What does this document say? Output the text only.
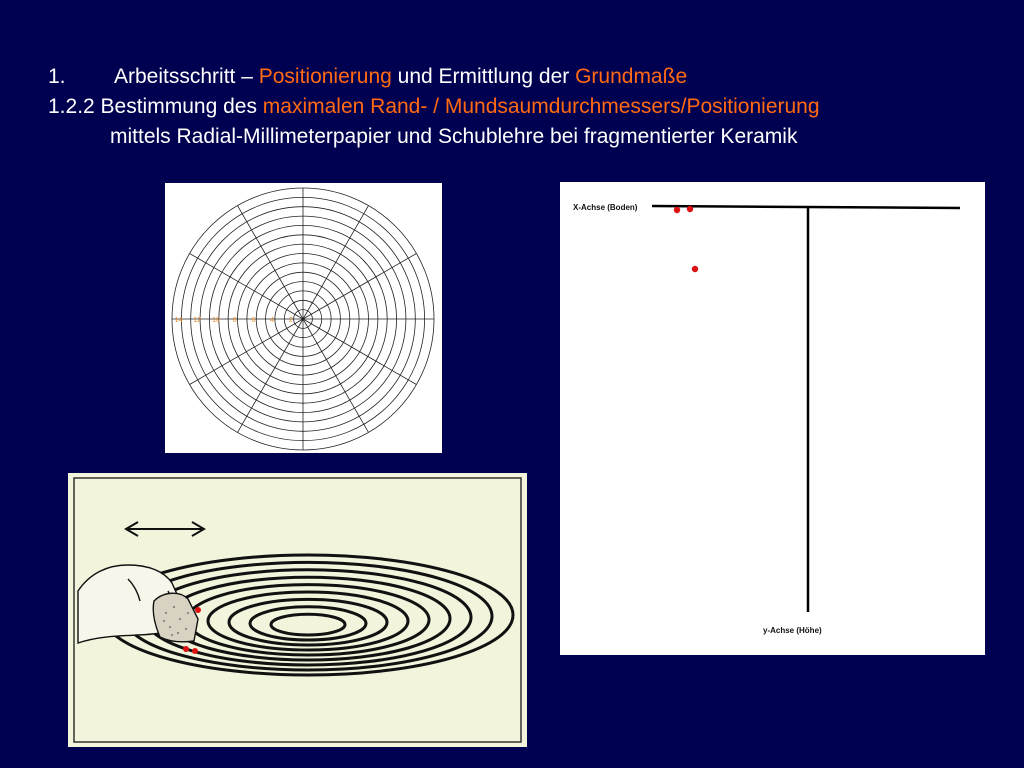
1. Arbeitsschritt – Positionierung und Ermittlung der Grundmaße
1.2.2 Bestimmung des maximalen Rand- / Mundsaumdurchmessers/Positionierung
mittels Radial-Millimeterpapier und Schublehre bei fragmentierter Keramik
14 12 10 8 6 4 2
X-Achse (Boden)
y-Achse (Höhe)
